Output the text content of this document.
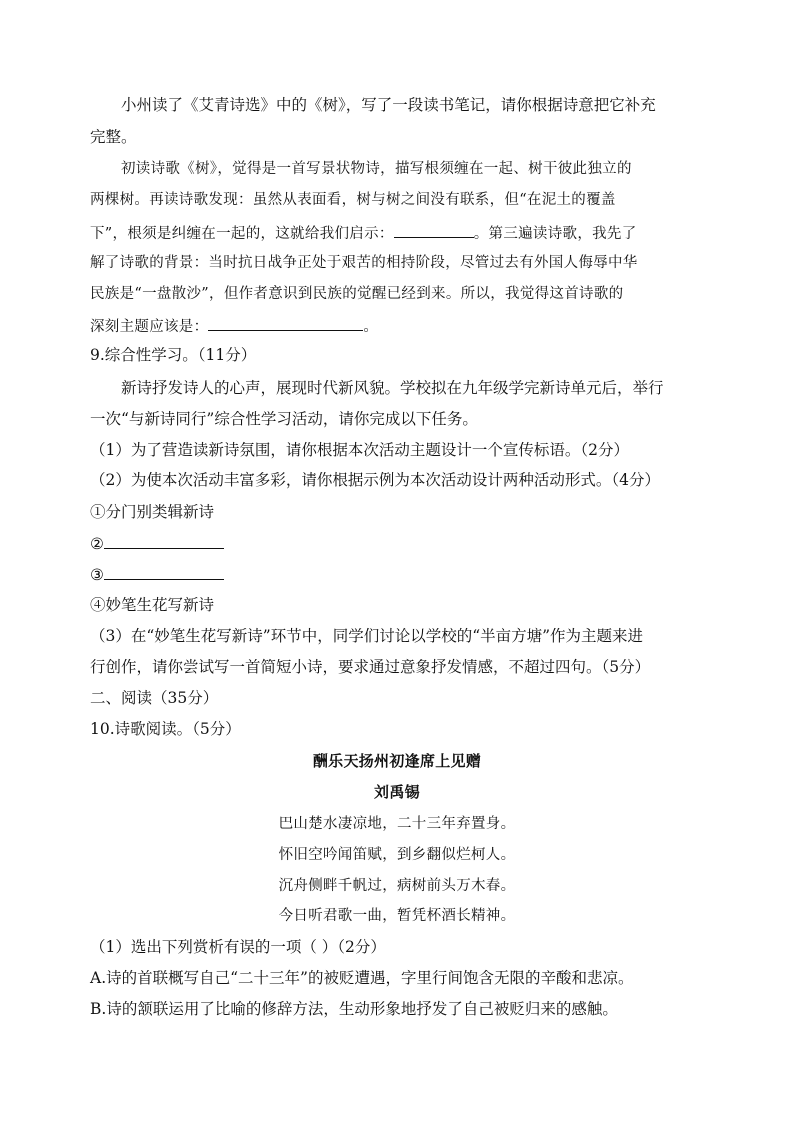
小州读了《艾青诗选》中的《树》，写了一段读书笔记，请你根据诗意把它补充
完整。
初读诗歌《树》，觉得是一首写景状物诗，描写根须缠在一起、树干彼此独立的
两棵树。再读诗歌发现：虽然从表面看，树与树之间没有联系，但“在泥土的覆盖
下”，根须是纠缠在一起的，这就给我们启示：	。第三遍读诗歌，我先了
解了诗歌的背景：当时抗日战争正处于艰苦的相持阶段，尽管过去有外国人侮辱中华
民族是“一盘散沙”，但作者意识到民族的觉醒已经到来。所以，我觉得这首诗歌的
深刻主题应该是：	。
9.综合性学习。（11分）
新诗抒发诗人的心声，展现时代新风貌。学校拟在九年级学完新诗单元后，举行
一次“与新诗同行”综合性学习活动，请你完成以下任务。
（1）为了营造读新诗氛围，请你根据本次活动主题设计一个宣传标语。（2分）
（2）为使本次活动丰富多彩，请你根据示例为本次活动设计两种活动形式。（4分）
①分门别类辑新诗
②
③
④妙笔生花写新诗
（3）在“妙笔生花写新诗”环节中，同学们讨论以学校的“半亩方塘”作为主题来进
行创作，请你尝试写一首简短小诗，要求通过意象抒发情感，不超过四句。（5分）
二、阅读（35分）
10.诗歌阅读。（5分）
酬乐天扬州初逢席上见赠
刘禹锡
巴山楚水凄凉地，二十三年弃置身。
怀旧空吟闻笛赋，到乡翻似烂柯人。
沉舟侧畔千帆过，病树前头万木春。
今日听君歌一曲，暂凭杯酒长精神。
（1）选出下列赏析有误的一项（ ）（2分）
A.诗的首联概写自己“二十三年”的被贬遭遇，字里行间饱含无限的辛酸和悲凉。
B.诗的颔联运用了比喻的修辞方法，生动形象地抒发了自己被贬归来的感触。
